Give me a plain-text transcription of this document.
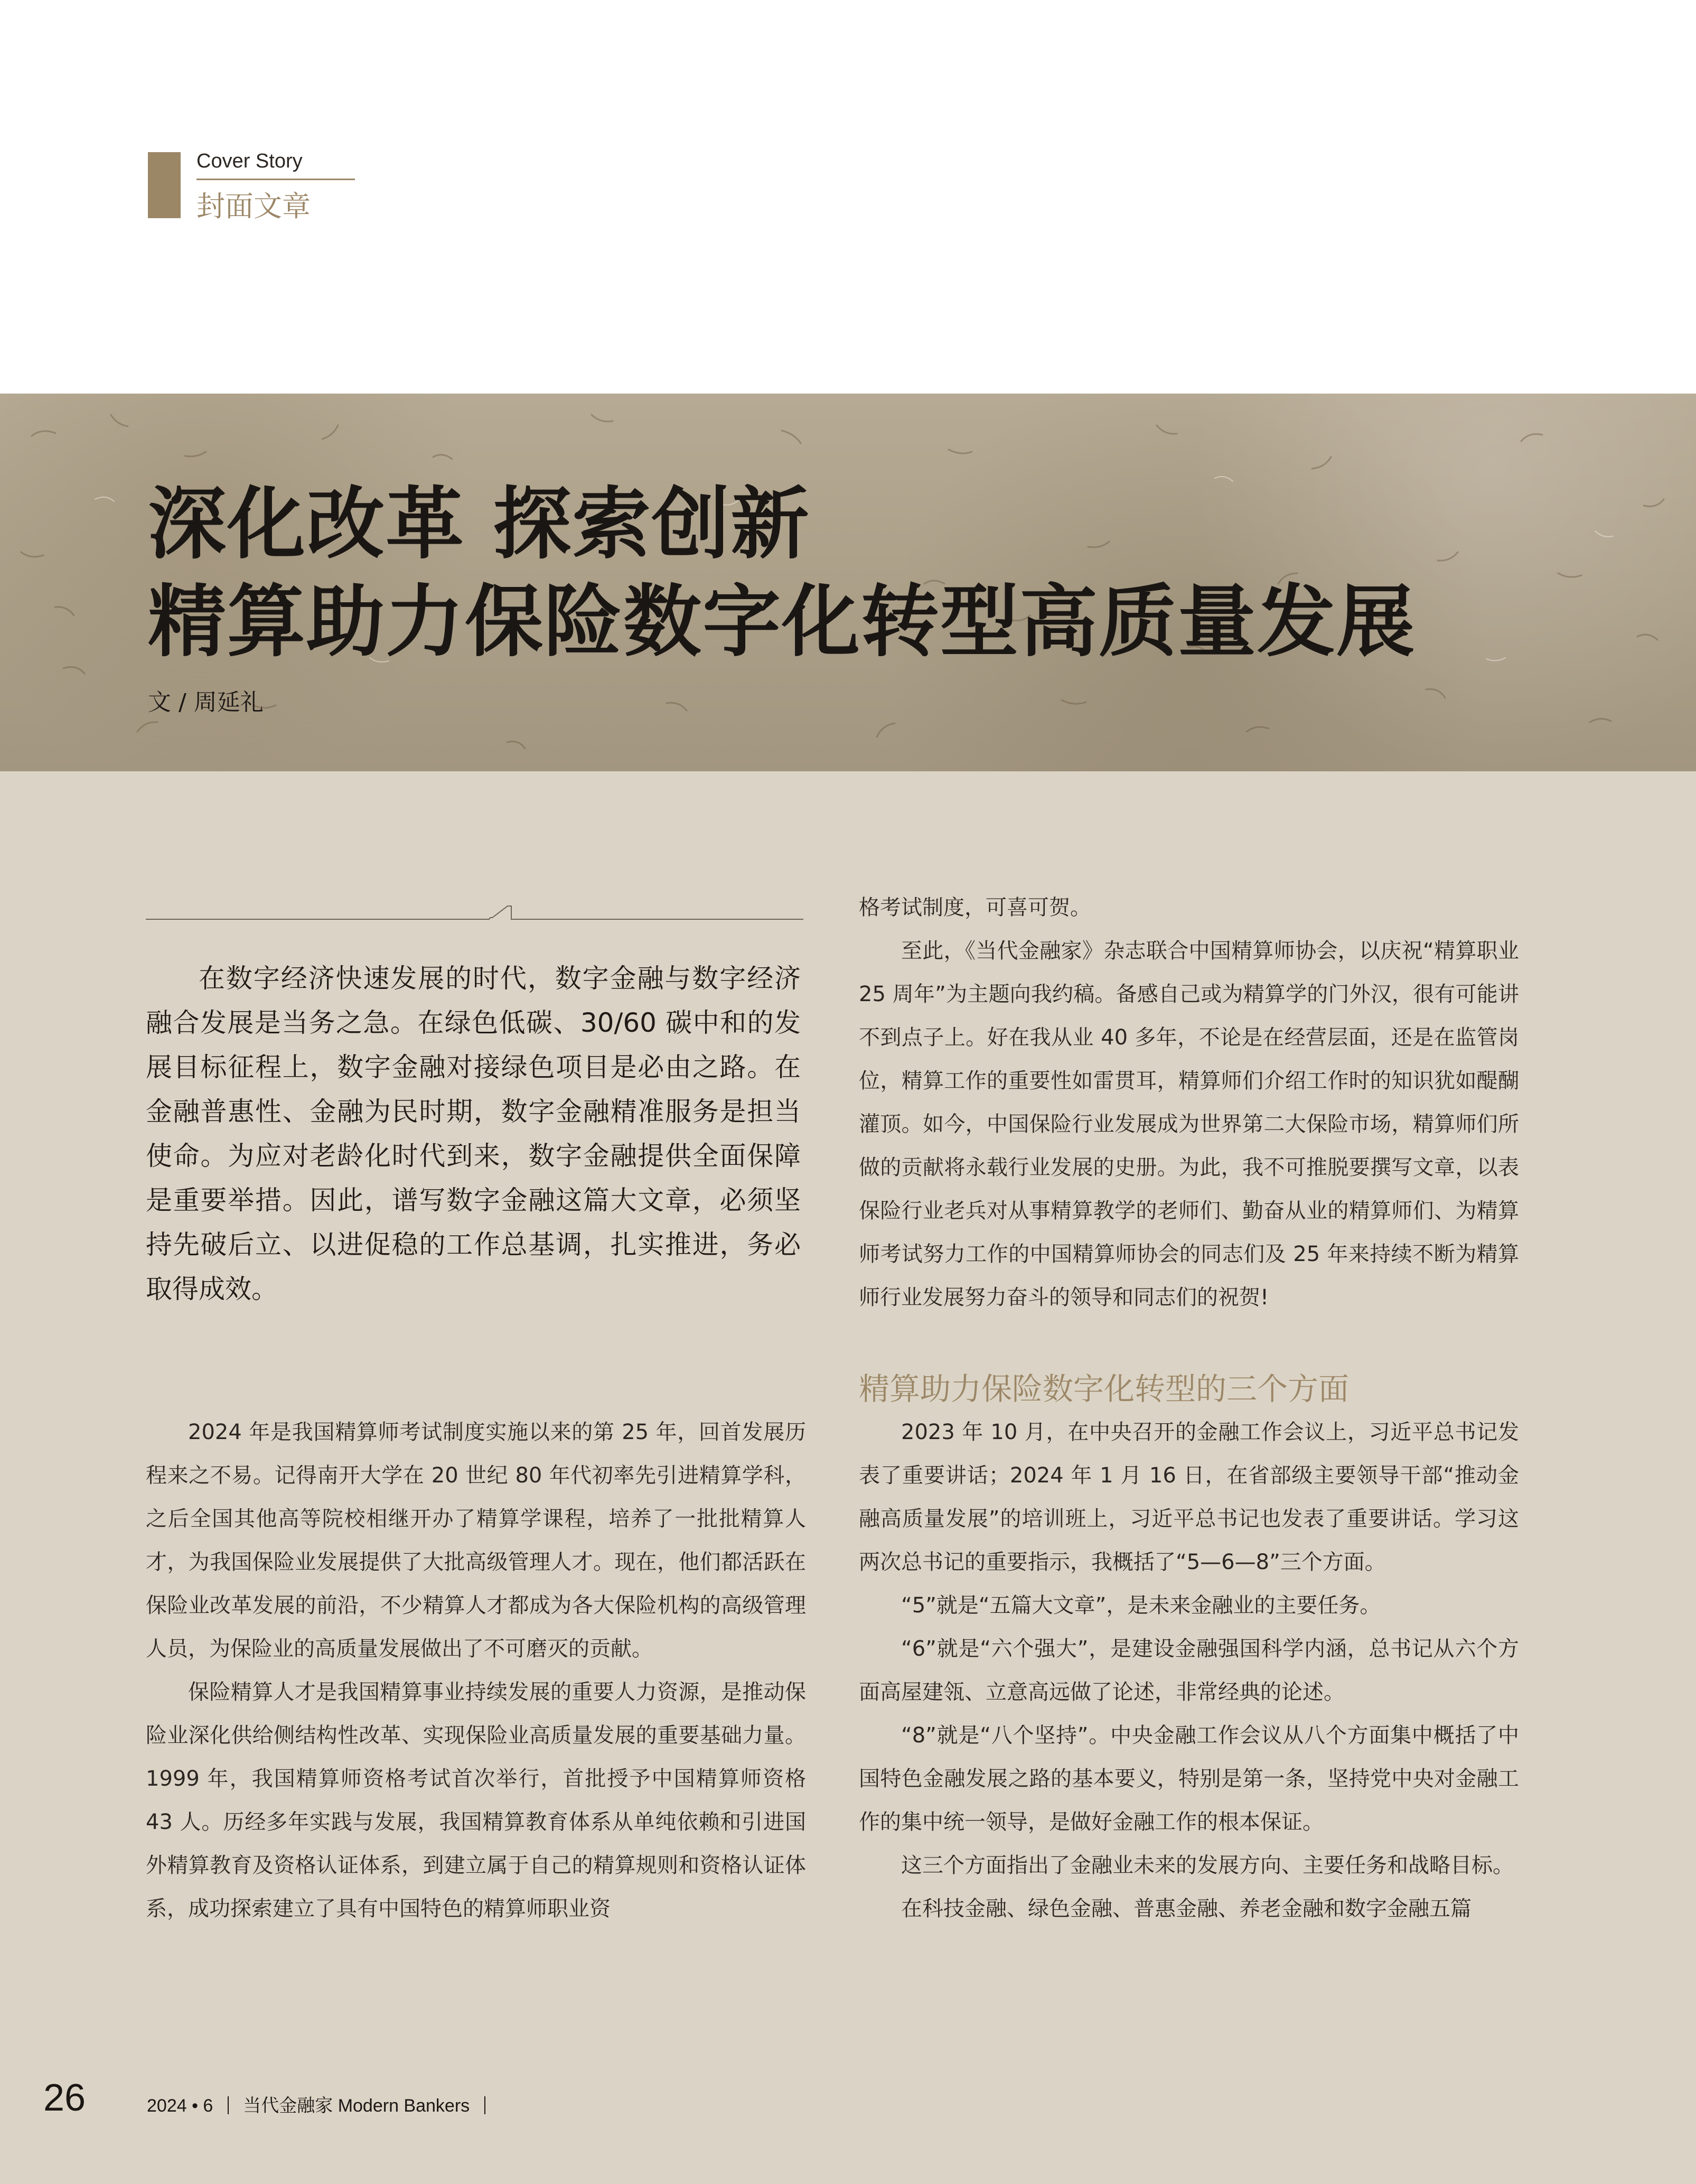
Cover Story
封面文章
深化改革 探索创新
精算助力保险数字化转型高质量发展
文 / 周延礼

在数字经济快速发展的时代，数字金融与数字经济融合发展是当务之急。在绿色低碳、30/60 碳中和的发展目标征程上，数字金融对接绿色项目是必由之路。在金融普惠性、金融为民时期，数字金融精准服务是担当使命。为应对老龄化时代到来，数字金融提供全面保障是重要举措。因此，谱写数字金融这篇大文章，必须坚持先破后立、以进促稳的工作总基调，扎实推进，务必取得成效。

2024 年是我国精算师考试制度实施以来的第 25 年，回首发展历程来之不易。记得南开大学在 20 世纪 80 年代初率先引进精算学科，之后全国其他高等院校相继开办了精算学课程，培养了一批批精算人才，为我国保险业发展提供了大批高级管理人才。现在，他们都活跃在保险业改革发展的前沿，不少精算人才都成为各大保险机构的高级管理人员，为保险业的高质量发展做出了不可磨灭的贡献。

保险精算人才是我国精算事业持续发展的重要人力资源，是推动保险业深化供给侧结构性改革、实现保险业高质量发展的重要基础力量。1999 年，我国精算师资格考试首次举行，首批授予中国精算师资格 43 人。历经多年实践与发展，我国精算教育体系从单纯依赖和引进国外精算教育及资格认证体系，到建立属于自己的精算规则和资格认证体系，成功探索建立了具有中国特色的精算师职业资

格考试制度，可喜可贺。

至此，《当代金融家》杂志联合中国精算师协会，以庆祝“精算职业 25 周年”为主题向我约稿。备感自己或为精算学的门外汉，很有可能讲不到点子上。好在我从业 40 多年，不论是在经营层面，还是在监管岗位，精算工作的重要性如雷贯耳，精算师们介绍工作时的知识犹如醍醐灌顶。如今，中国保险行业发展成为世界第二大保险市场，精算师们所做的贡献将永载行业发展的史册。为此，我不可推脱要撰写文章，以表保险行业老兵对从事精算教学的老师们、勤奋从业的精算师们、为精算师考试努力工作的中国精算师协会的同志们及 25 年来持续不断为精算师行业发展努力奋斗的领导和同志们的祝贺!

精算助力保险数字化转型的三个方面

2023 年 10 月，在中央召开的金融工作会议上，习近平总书记发表了重要讲话；2024 年 1 月 16 日，在省部级主要领导干部“推动金融高质量发展”的培训班上，习近平总书记也发表了重要讲话。学习这两次总书记的重要指示，我概括了“5—6—8”三个方面。

“5”就是“五篇大文章”，是未来金融业的主要任务。

“6”就是“六个强大”，是建设金融强国科学内涵，总书记从六个方面高屋建瓴、立意高远做了论述，非常经典的论述。

“8”就是“八个坚持”。中央金融工作会议从八个方面集中概括了中国特色金融发展之路的基本要义，特别是第一条，坚持党中央对金融工作的集中统一领导，是做好金融工作的根本保证。

这三个方面指出了金融业未来的发展方向、主要任务和战略目标。

在科技金融、绿色金融、普惠金融、养老金融和数字金融五篇

26	2024 • 6 当代金融家 Modern Bankers
